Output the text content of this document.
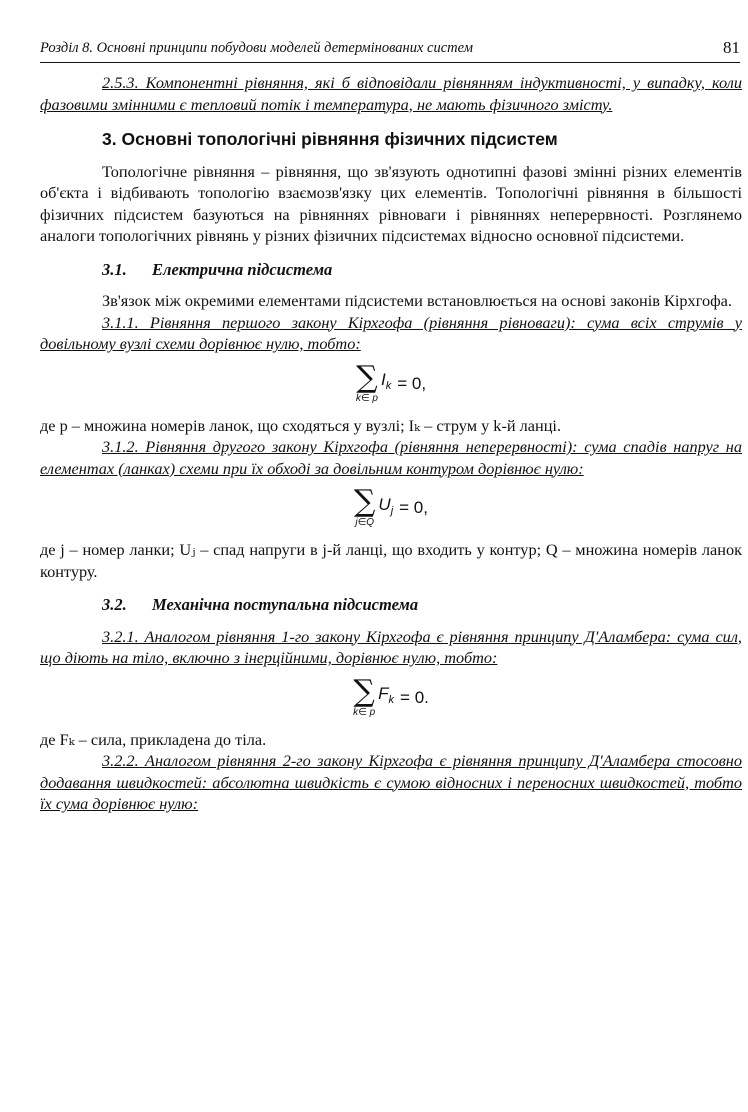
Розділ 8. Основні принципи побудови моделей детермінованих систем	81

2.5.3. Компонентні рівняння, які б відповідали рівнянням індуктивності, у випадку, коли фазовими змінними є тепловий потік і температура, не мають фізичного змісту.

3. Основні топологічні рівняння фізичних підсистем

Топологічне рівняння – рівняння, що зв'язують однотипні фазові змінні різних елементів об'єкта і відбивають топологію взаємозв'язку цих елементів. Топологічні рівняння в більшості фізичних підсистем базуються на рівняннях рівноваги і рівняннях неперервності. Розглянемо аналоги топологічних рівнянь у різних фізичних підсистемах відносно основної підсистеми.

3.1. Електрична підсистема

Зв'язок між окремими елементами підсистеми встановлюється на основі законів Кірхгофа.

3.1.1. Рівняння першого закону Кірхгофа (рівняння рівноваги): сума всіх струмів у довільному вузлі схеми дорівнює нулю, тобто:

∑
k∈ p
$I_k = 0$,

де p – множина номерів ланок, що сходяться у вузлі; Iₖ – струм у k-й ланці.

3.1.2. Рівняння другого закону Кірхгофа (рівняння неперервності): сума спадів напруг на елементах (ланках) схеми при їх обході за довільним контуром дорівнює нулю:

∑
j∈Q
$U_j = 0$,

де j – номер ланки; Uⱼ – спад напруги в j-й ланці, що входить у контур; Q – множина номерів ланок контуру.

3.2. Механічна поступальна підсистема

3.2.1. Аналогом рівняння 1-го закону Кірхгофа є рівняння принципу Д'Аламбера: сума сил, що діють на тіло, включно з інерційними, дорівнює нулю, тобто:

∑
k∈ p
$F_k = 0$.

де Fₖ – сила, прикладена до тіла.

3.2.2. Аналогом рівняння 2-го закону Кірхгофа є рівняння принципу Д'Аламбера стосовно додавання швидкостей: абсолютна швидкість є сумою відносних і переносних швидкостей, тобто їх сума дорівнює нулю:
